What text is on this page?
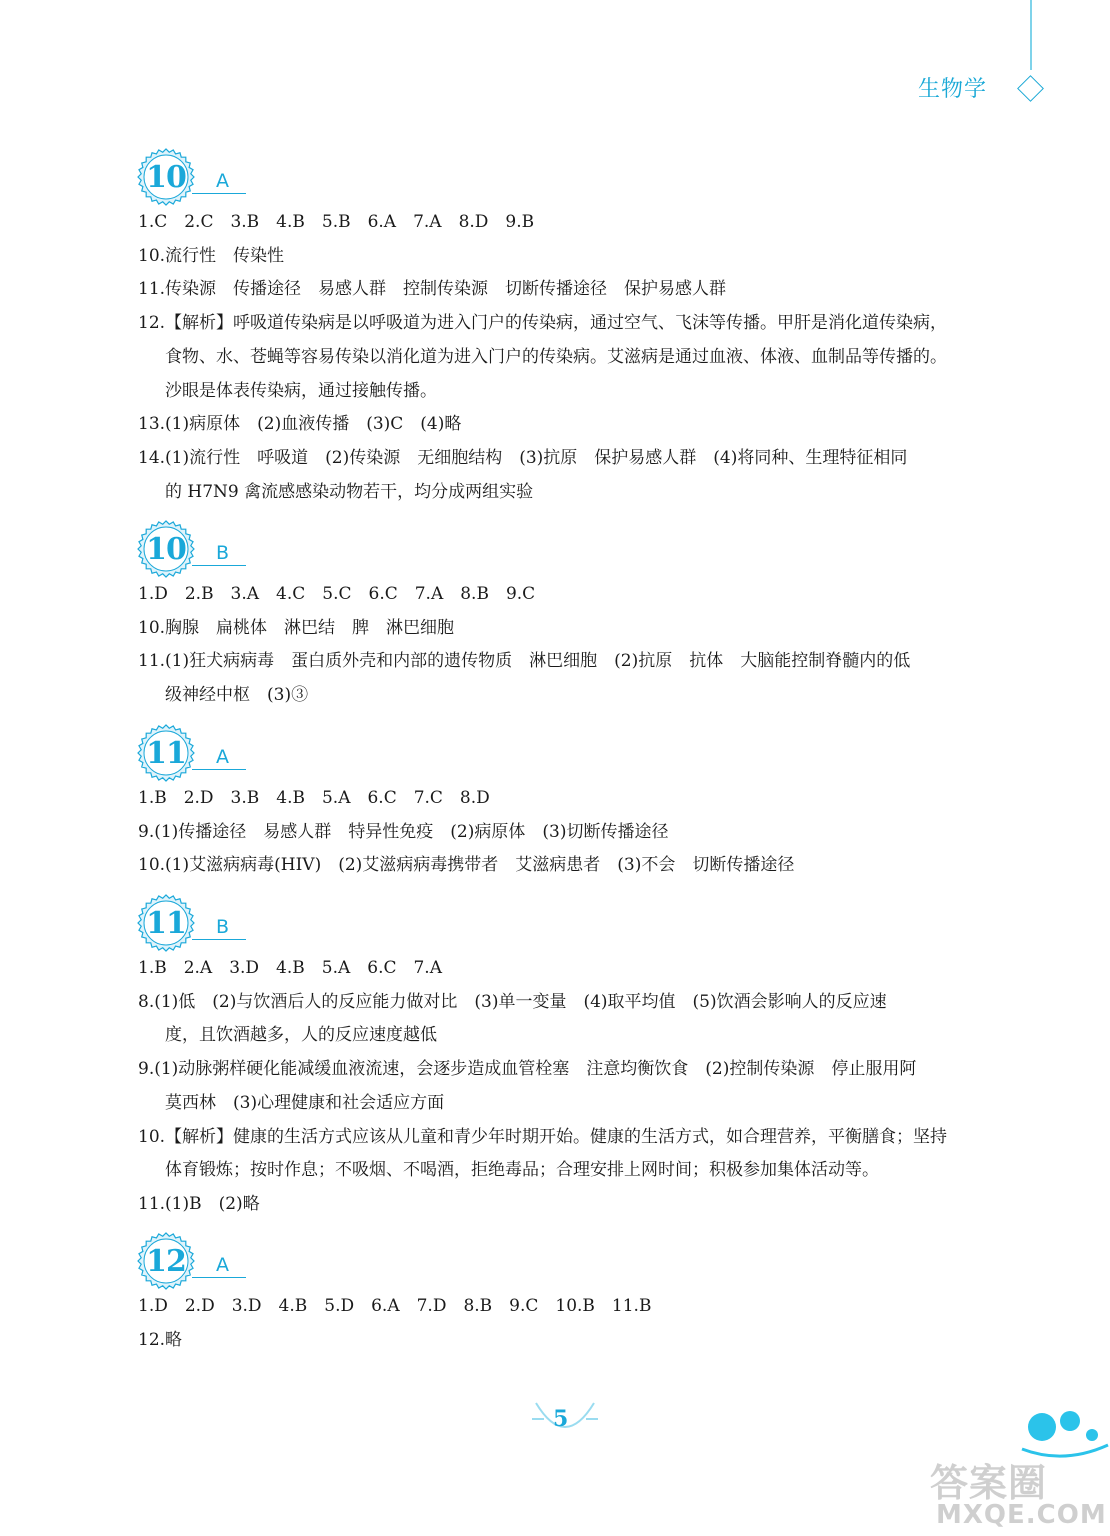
生物学
10	A
1.C　2.C　3.B　4.B　5.B　6.A　7.A　8.D　9.B
10.流行性　传染性
11.传染源　传播途径　易感人群　控制传染源　切断传播途径　保护易感人群
12.【解析】呼吸道传染病是以呼吸道为进入门户的传染病，通过空气、飞沫等传播。甲肝是消化道传染病，
食物、水、苍蝇等容易传染以消化道为进入门户的传染病。艾滋病是通过血液、体液、血制品等传播的。
沙眼是体表传染病，通过接触传播。
13.(1)病原体　(2)血液传播　(3)C　(4)略
14.(1)流行性　呼吸道　(2)传染源　无细胞结构　(3)抗原　保护易感人群　(4)将同种、生理特征相同
的 H7N9 禽流感感染动物若干，均分成两组实验
10	B
1.D　2.B　3.A　4.C　5.C　6.C　7.A　8.B　9.C
10.胸腺　扁桃体　淋巴结　脾　淋巴细胞
11.(1)狂犬病病毒　蛋白质外壳和内部的遗传物质　淋巴细胞　(2)抗原　抗体　大脑能控制脊髓内的低
级神经中枢　(3)③
11	A
1.B　2.D　3.B　4.B　5.A　6.C　7.C　8.D
9.(1)传播途径　易感人群　特异性免疫　(2)病原体　(3)切断传播途径
10.(1)艾滋病病毒(HIV)　(2)艾滋病病毒携带者　艾滋病患者　(3)不会　切断传播途径
11	B
1.B　2.A　3.D　4.B　5.A　6.C　7.A
8.(1)低　(2)与饮酒后人的反应能力做对比　(3)单一变量　(4)取平均值　(5)饮酒会影响人的反应速
度，且饮酒越多，人的反应速度越低
9.(1)动脉粥样硬化能减缓血液流速，会逐步造成血管栓塞　注意均衡饮食　(2)控制传染源　停止服用阿
莫西林　(3)心理健康和社会适应方面
10.【解析】健康的生活方式应该从儿童和青少年时期开始。健康的生活方式，如合理营养，平衡膳食；坚持
体育锻炼；按时作息；不吸烟、不喝酒，拒绝毒品；合理安排上网时间；积极参加集体活动等。
11.(1)B　(2)略
12	A
1.D　2.D　3.D　4.B　5.D　6.A　7.D　8.B　9.C　10.B　11.B
12.略
5
答案圈
MXQE.COM
